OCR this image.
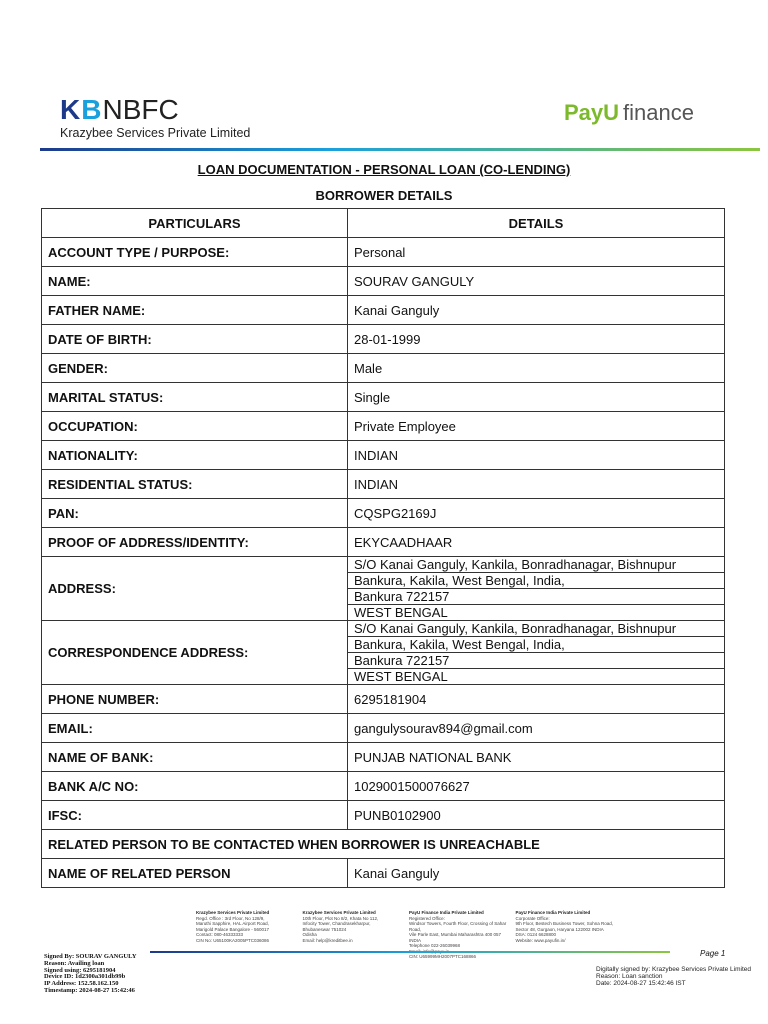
KBNBFC
Krazybee Services Private Limited
PayU finance
LOAN DOCUMENTATION - PERSONAL LOAN (CO-LENDING)
BORROWER DETAILS
PARTICULARS	DETAILS
ACCOUNT TYPE / PURPOSE:	Personal
NAME:	SOURAV GANGULY
FATHER NAME:	Kanai Ganguly
DATE OF BIRTH:	28-01-1999
GENDER:	Male
MARITAL STATUS:	Single
OCCUPATION:	Private Employee
NATIONALITY:	INDIAN
RESIDENTIAL STATUS:	INDIAN
PAN:	CQSPG2169J
PROOF OF ADDRESS/IDENTITY:	EKYCAADHAAR
ADDRESS:	S/O Kanai Ganguly, Kankila, Bonradhanagar, Bishnupur
	Bankura, Kakila, West Bengal, India,
	Bankura 722157
	WEST BENGAL
CORRESPONDENCE ADDRESS:	S/O Kanai Ganguly, Kankila, Bonradhanagar, Bishnupur
	Bankura, Kakila, West Bengal, India,
	Bankura 722157
	WEST BENGAL
PHONE NUMBER:	6295181904
EMAIL:	gangulysourav894@gmail.com
NAME OF BANK:	PUNJAB NATIONAL BANK
BANK A/C NO:	1029001500076627
IFSC:	PUNB0102900
RELATED PERSON TO BE CONTACTED WHEN BORROWER IS UNREACHABLE	
NAME OF RELATED PERSON	Kanai Ganguly
Krazybee Services Private Limited
Regd. Office : 3rd Floor, No 128/9,
Maruthi Sapphire, HAL Airport Road,
Marigold Palace Bangalore - 560017
Contact: 080-46333333
CIN No: U65100KA2005PTC036086
Krazybee Services Private Limited
10th Floor, Plot No 8/2, Khata No 112,
Infocity Tower, Chandrasekharpur,
Bhubaneswar 751024
Odisha
Email: help@kreditbee.in
PayU Finance India Private Limited
Registered Office:
Windsor Towers, Fourth Floor, Crossing of Sahar Road,
Vile Parle East, Mumbai Maharashtra 400 057 INDIA
Telephone 022-26039968
CIN: U65999MH2007PTC168866
PayU Finance India Private Limited
Corporate Office:
9th Floor, Bestech Business Tower, Sohna Road,
Sector 48, Gurgaon, Haryana 122002 INDIA
DSA: 0124 6628800
Website: www.payufin.in/
Page 1
Signed By: SOURAV GANGULY
Reason: Availing loan
Signed using: 6295181904
Device ID: 1d2300a301db99b
IP Address: 152.58.162.150
Timestamp: 2024-08-27 15:42:46
Digitally signed by: Krazybee Services Private Limited
Reason: Loan sanction
Date: 2024-08-27 15:42:46 IST
